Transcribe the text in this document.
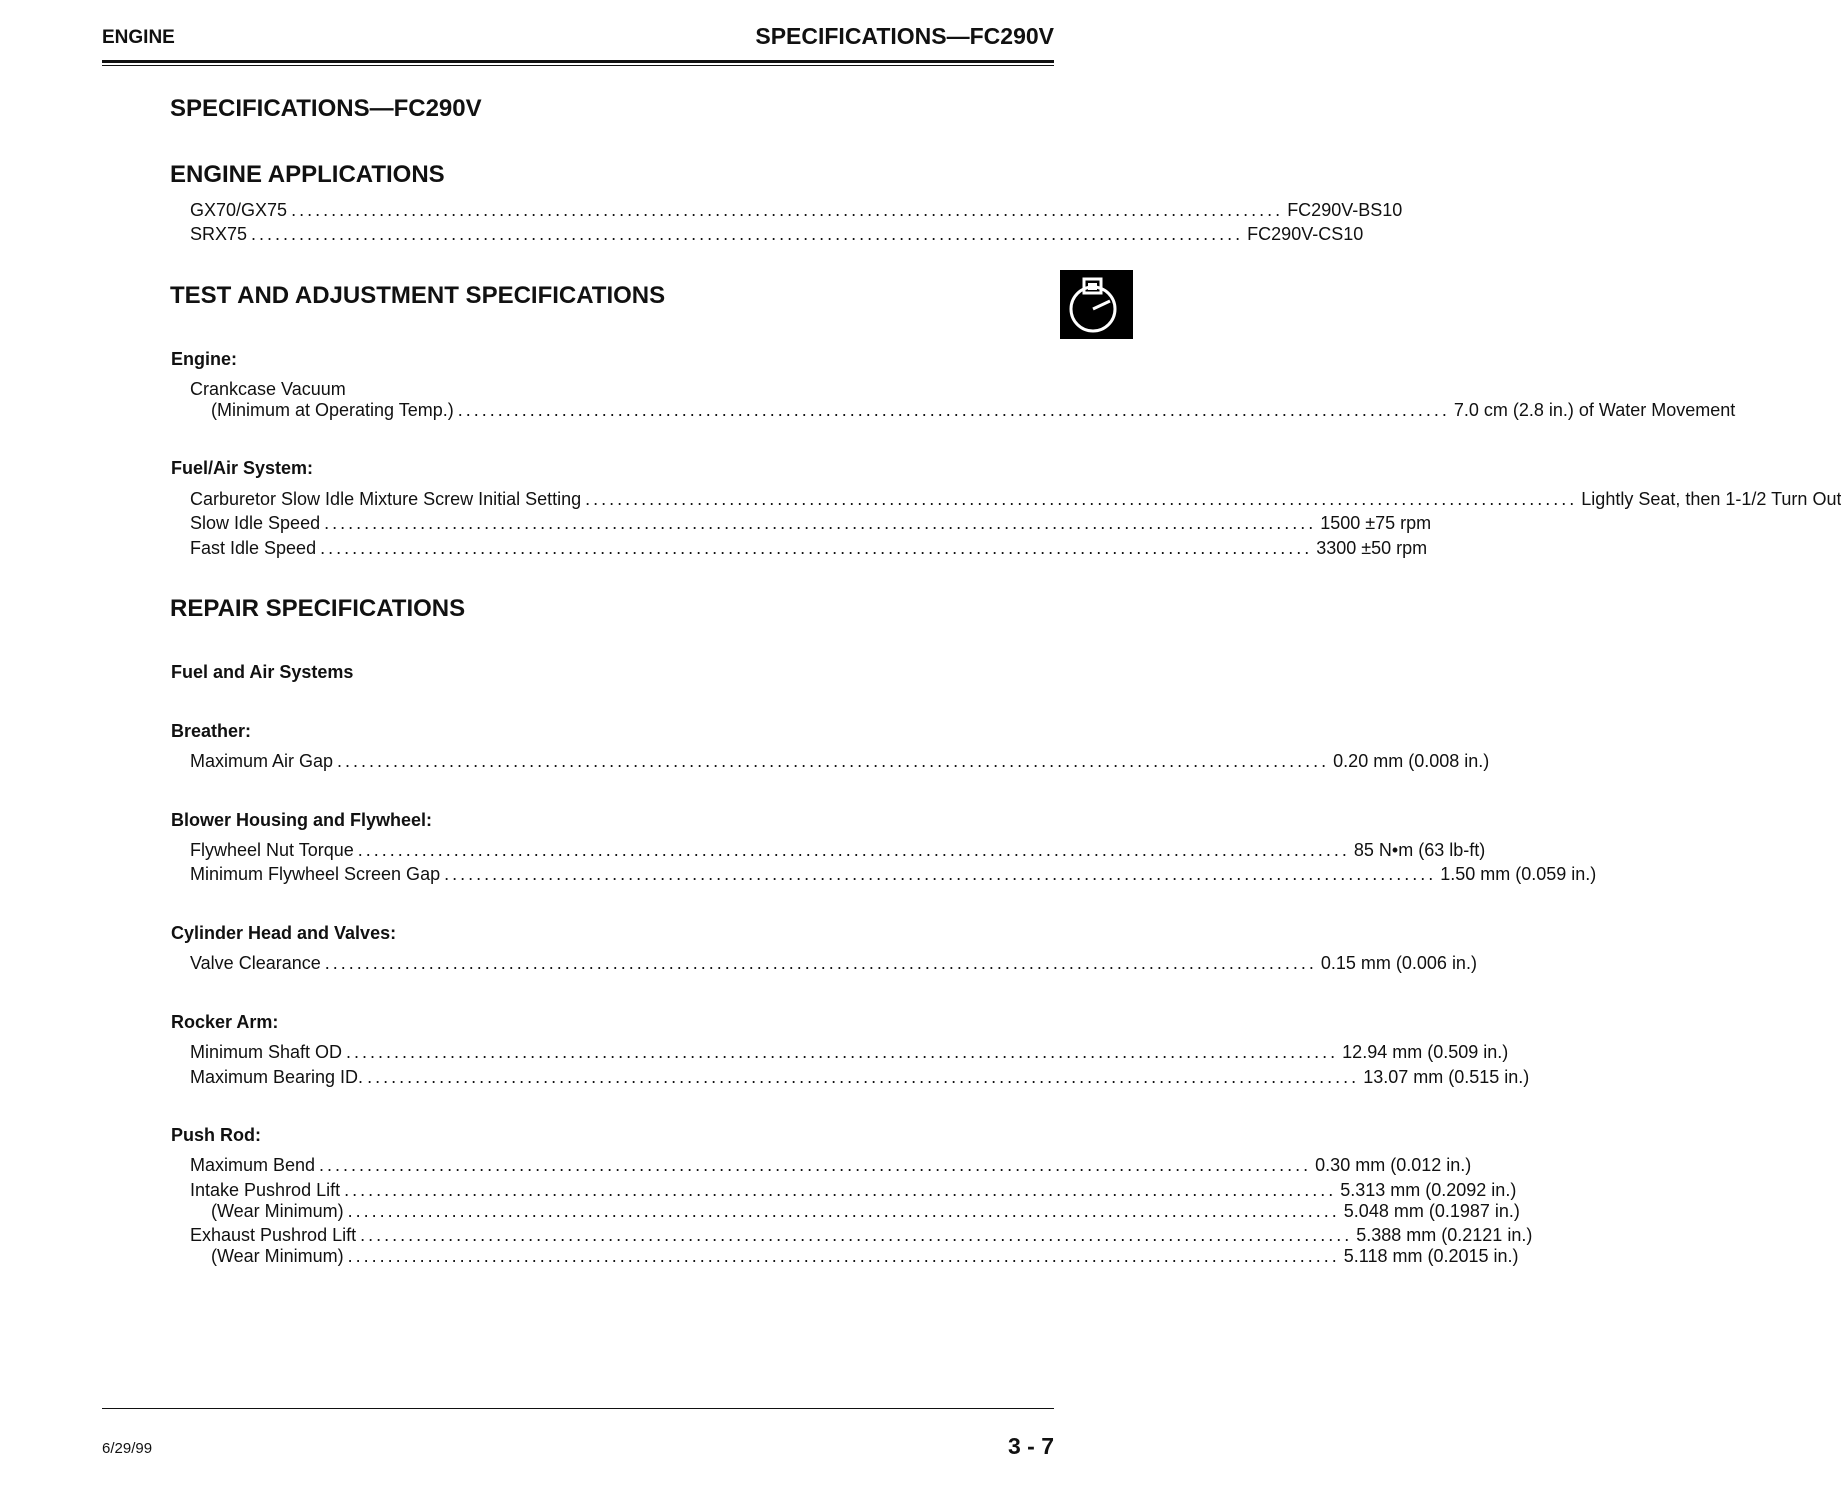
ENGINE	SPECIFICATIONS—FC290V
SPECIFICATIONS—FC290V
ENGINE APPLICATIONS
GX70/GX75 ............................................................................................................................ FC290V-BS10
SRX75 ............................................................................................................................ FC290V-CS10
TEST AND ADJUSTMENT SPECIFICATIONS
Engine:
Crankcase Vacuum
(Minimum at Operating Temp.) ............................................................................................................................ 7.0 cm (2.8 in.) of Water Movement
Fuel/Air System:
Carburetor Slow Idle Mixture Screw Initial Setting ............................................................................................................................ Lightly Seat, then 1-1/2 Turn Out
Slow Idle Speed ............................................................................................................................ 1500 ±75 rpm
Fast Idle Speed ............................................................................................................................ 3300 ±50 rpm
REPAIR SPECIFICATIONS
Fuel and Air Systems
Breather:
Maximum Air Gap ............................................................................................................................ 0.20 mm (0.008 in.)
Blower Housing and Flywheel:
Flywheel Nut Torque ............................................................................................................................ 85 N•m (63 lb-ft)
Minimum Flywheel Screen Gap ............................................................................................................................ 1.50 mm (0.059 in.)
Cylinder Head and Valves:
Valve Clearance ............................................................................................................................ 0.15 mm (0.006 in.)
Rocker Arm:
Minimum Shaft OD ............................................................................................................................ 12.94 mm (0.509 in.)
Maximum Bearing ID. ............................................................................................................................ 13.07 mm (0.515 in.)
Push Rod:
Maximum Bend ............................................................................................................................ 0.30 mm (0.012 in.)
Intake Pushrod Lift ............................................................................................................................ 5.313 mm (0.2092 in.)
(Wear Minimum) ............................................................................................................................ 5.048 mm (0.1987 in.)
Exhaust Pushrod Lift ............................................................................................................................ 5.388 mm (0.2121 in.)
(Wear Minimum) ............................................................................................................................ 5.118 mm (0.2015 in.)
6/29/99	3 - 7
